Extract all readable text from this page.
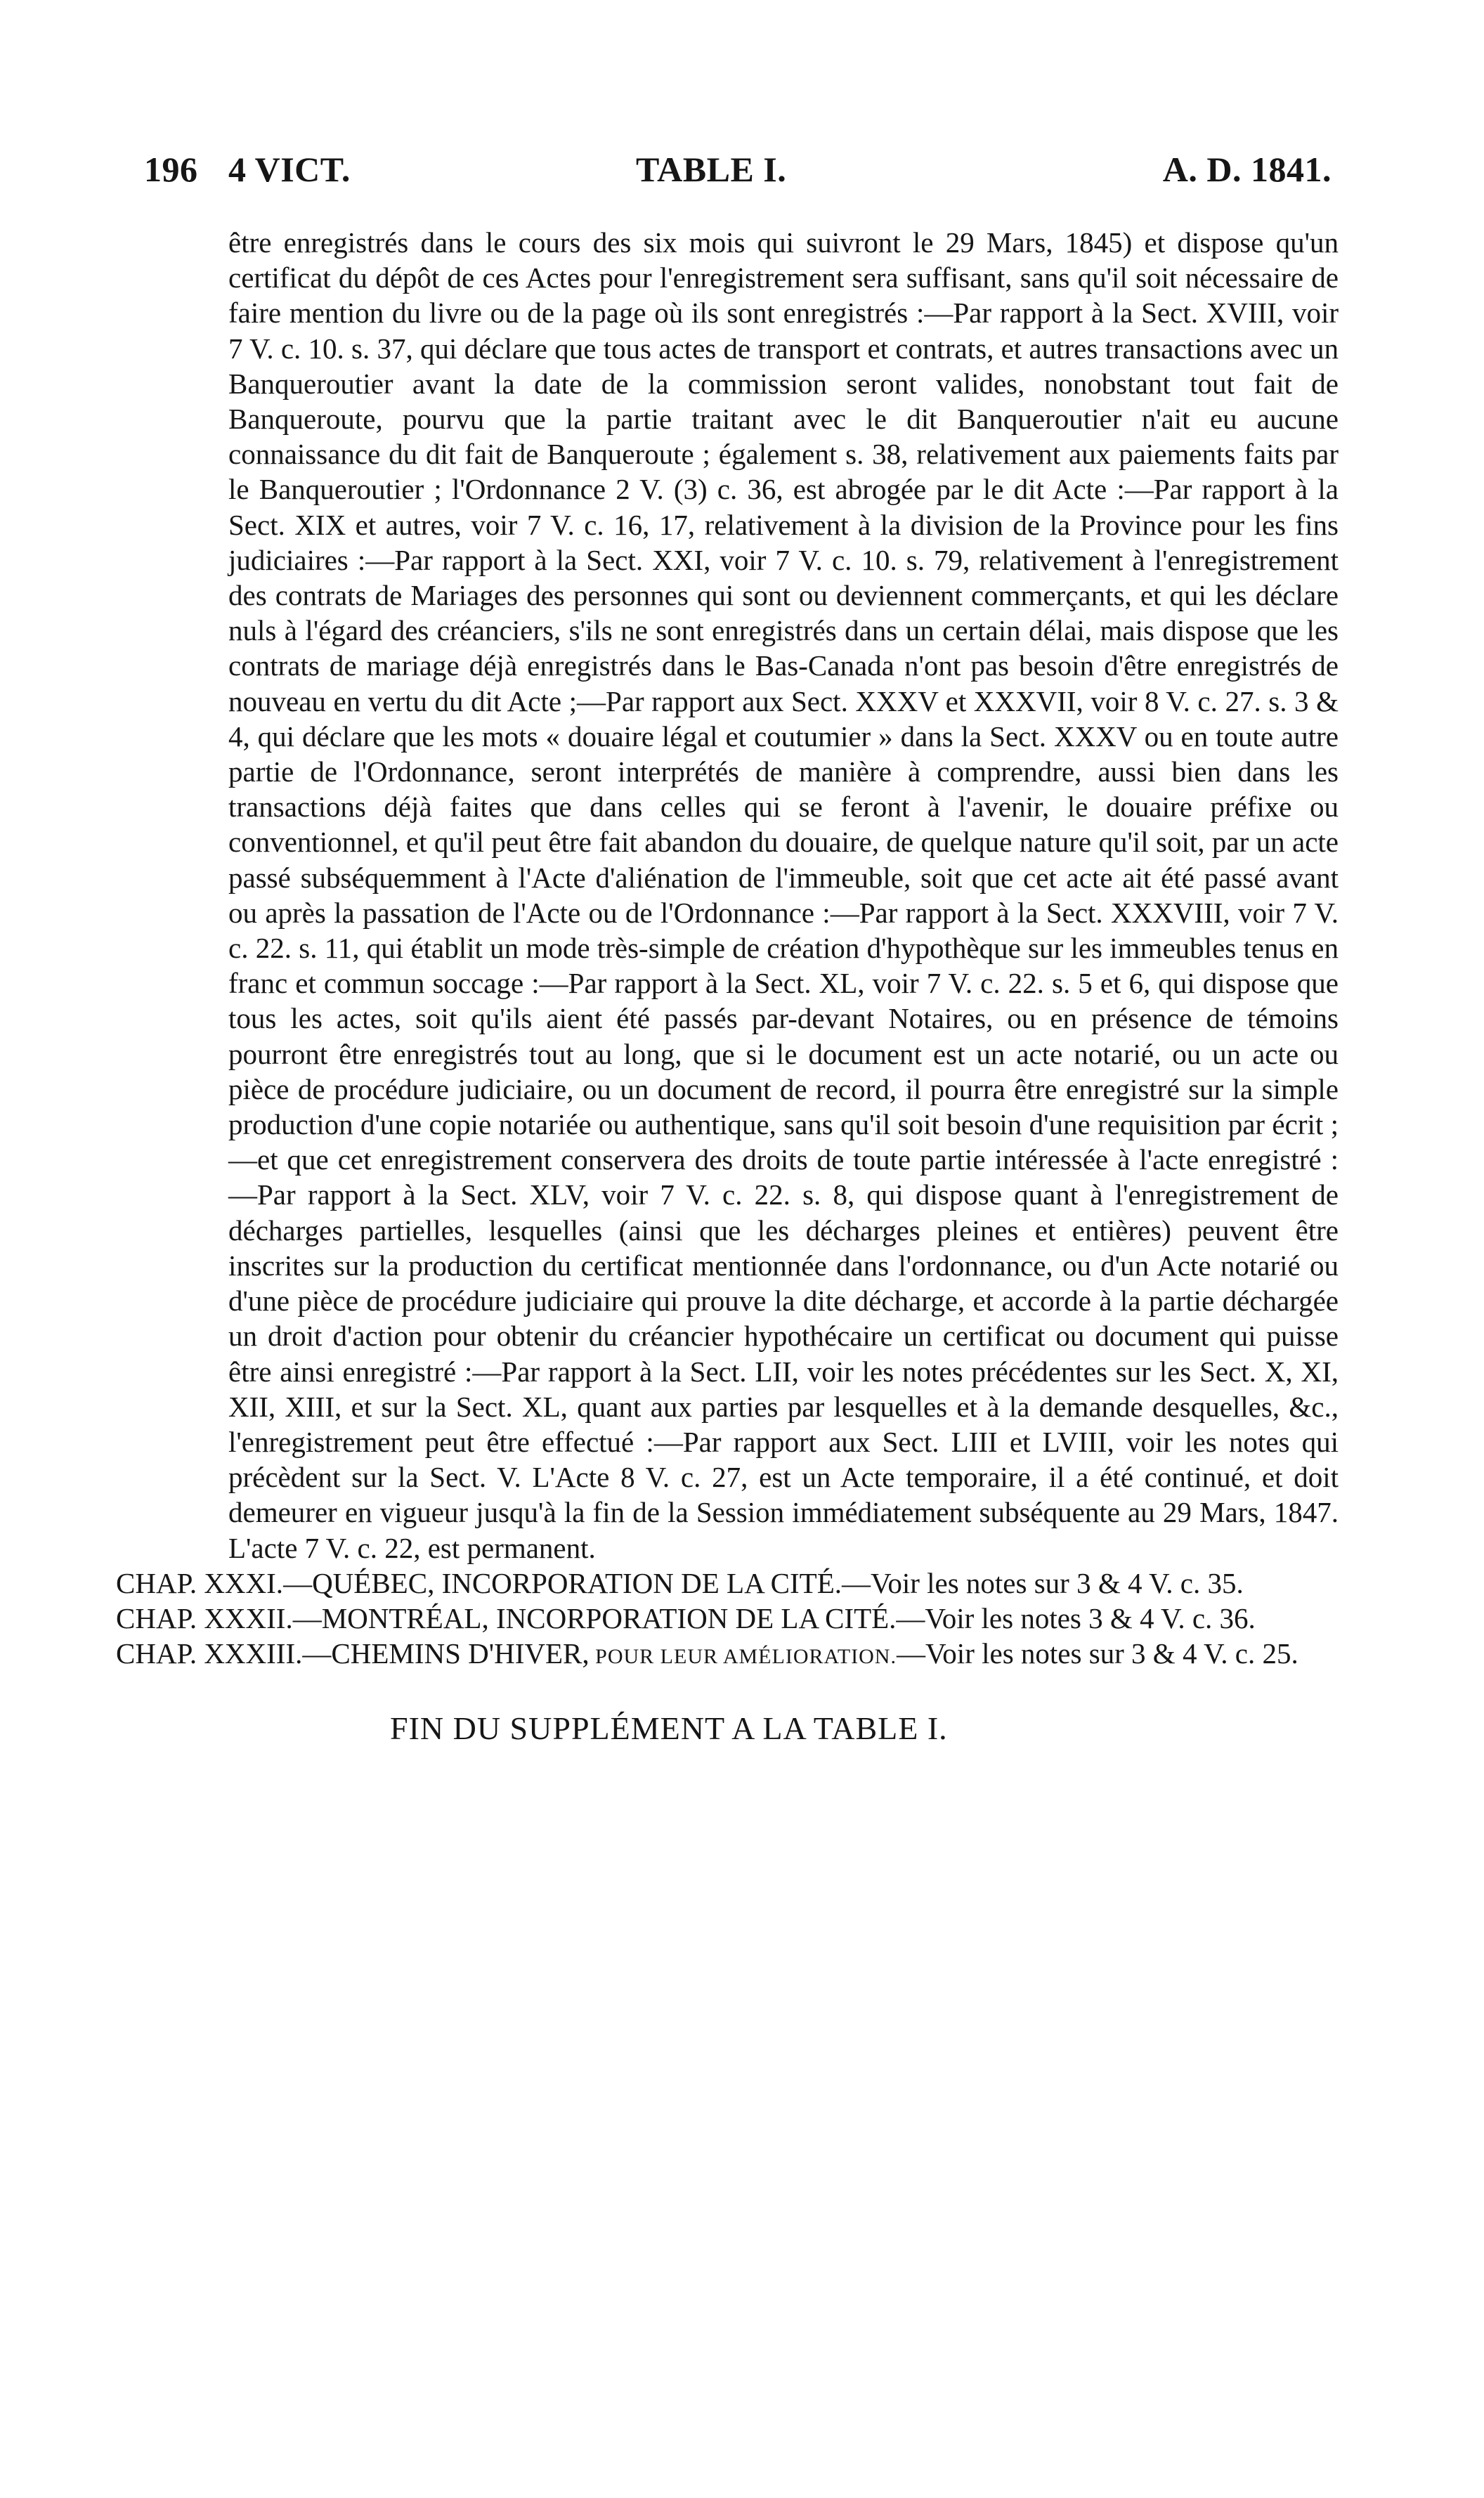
196 4 VICT.	TABLE I.	A. D. 1841.

être enregistrés dans le cours des six mois qui suivront le 29 Mars, 1845) et dispose qu'un certificat du dépôt de ces Actes pour l'enregistrement sera suffisant, sans qu'il soit nécessaire de faire mention du livre ou de la page où ils sont enregistrés :—Par rapport à la Sect. XVIII, voir 7 V. c. 10. s. 37, qui déclare que tous actes de transport et contrats, et autres transactions avec un Banqueroutier avant la date de la commission seront valides, nonobstant tout fait de Banqueroute, pourvu que la partie traitant avec le dit Banqueroutier n'ait eu aucune connaissance du dit fait de Banqueroute ; également s. 38, relativement aux paiements faits par le Banqueroutier ; l'Ordonnance 2 V. (3) c. 36, est abrogée par le dit Acte :—Par rapport à la Sect. XIX et autres, voir 7 V. c. 16, 17, relativement à la division de la Province pour les fins judiciaires :—Par rapport à la Sect. XXI, voir 7 V. c. 10. s. 79, relativement à l'enregistrement des contrats de Mariages des personnes qui sont ou deviennent commerçants, et qui les déclare nuls à l'égard des créanciers, s'ils ne sont enregistrés dans un certain délai, mais dispose que les contrats de mariage déjà enregistrés dans le Bas-Canada n'ont pas besoin d'être enregistrés de nouveau en vertu du dit Acte ;—Par rapport aux Sect. XXXV et XXXVII, voir 8 V. c. 27. s. 3 & 4, qui déclare que les mots « douaire légal et coutumier » dans la Sect. XXXV ou en toute autre partie de l'Ordonnance, seront interprétés de manière à comprendre, aussi bien dans les transactions déjà faites que dans celles qui se feront à l'avenir, le douaire préfixe ou conventionnel, et qu'il peut être fait abandon du douaire, de quelque nature qu'il soit, par un acte passé subséquemment à l'Acte d'aliénation de l'immeuble, soit que cet acte ait été passé avant ou après la passation de l'Acte ou de l'Ordonnance :—Par rapport à la Sect. XXXVIII, voir 7 V. c. 22. s. 11, qui établit un mode très-simple de création d'hypothèque sur les immeubles tenus en franc et commun soccage :—Par rapport à la Sect. XL, voir 7 V. c. 22. s. 5 et 6, qui dispose que tous les actes, soit qu'ils aient été passés par-devant Notaires, ou en présence de témoins pourront être enregistrés tout au long, que si le document est un acte notarié, ou un acte ou pièce de procédure judiciaire, ou un document de record, il pourra être enregistré sur la simple production d'une copie notariée ou authentique, sans qu'il soit besoin d'une requisition par écrit ;—et que cet enregistrement conservera des droits de toute partie intéressée à l'acte enregistré :—Par rapport à la Sect. XLV, voir 7 V. c. 22. s. 8, qui dispose quant à l'enregistrement de décharges partielles, lesquelles (ainsi que les décharges pleines et entières) peuvent être inscrites sur la production du certificat mentionnée dans l'ordonnance, ou d'un Acte notarié ou d'une pièce de procédure judiciaire qui prouve la dite décharge, et accorde à la partie déchargée un droit d'action pour obtenir du créancier hypothécaire un certificat ou document qui puisse être ainsi enregistré :—Par rapport à la Sect. LII, voir les notes précédentes sur les Sect. X, XI, XII, XIII, et sur la Sect. XL, quant aux parties par lesquelles et à la demande desquelles, &c., l'enregistrement peut être effectué :—Par rapport aux Sect. LIII et LVIII, voir les notes qui précèdent sur la Sect. V. L'Acte 8 V. c. 27, est un Acte temporaire, il a été continué, et doit demeurer en vigueur jusqu'à la fin de la Session immédiatement subséquente au 29 Mars, 1847. L'acte 7 V. c. 22, est permanent.

CHAP. XXXI.—QUÉBEC, INCORPORATION DE LA CITÉ.—Voir les notes sur 3 & 4 V. c. 35.

CHAP. XXXII.—MONTRÉAL, INCORPORATION DE LA CITÉ.—Voir les notes 3 & 4 V. c. 36.

CHAP. XXXIII.—CHEMINS D'HIVER, POUR LEUR AMÉLIORATION.—Voir les notes sur 3 & 4 V. c. 25.

FIN DU SUPPLÉMENT A LA TABLE I.
